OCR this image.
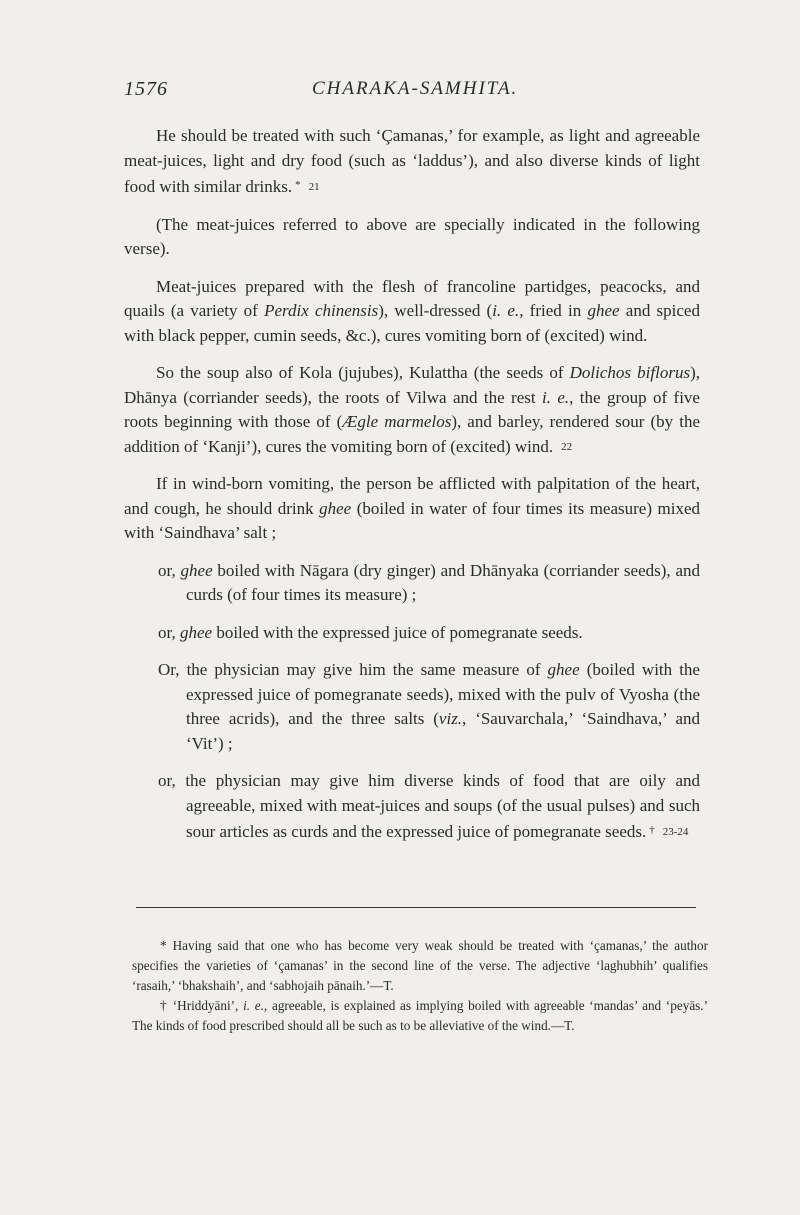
1576	CHARAKA-SAMHITA.

He should be treated with such ‘Çamanas,’ for example, as light and agreeable meat-juices, light and dry food (such as ‘laddus’), and also diverse kinds of light food with similar drinks. * 21

(The meat-juices referred to above are specially indicated in the following verse).

Meat-juices prepared with the flesh of francoline partidges, peacocks, and quails (a variety of Perdix chinensis), well-dressed (i. e., fried in ghee and spiced with black pepper, cumin seeds, &c.), cures vomiting born of (excited) wind.

So the soup also of Kola (jujubes), Kulattha (the seeds of Dolichos biflorus), Dhānya (corriander seeds), the roots of Vilwa and the rest i. e., the group of five roots beginning with those of (Ægle marmelos), and barley, rendered sour (by the addition of ‘Kanji’), cures the vomiting born of (excited) wind. 22

If in wind-born vomiting, the person be afflicted with palpitation of the heart, and cough, he should drink ghee (boiled in water of four times its measure) mixed with ‘Saindhava’ salt ;

or, ghee boiled with Nāgara (dry ginger) and Dhānyaka (corriander seeds), and curds (of four times its measure) ;

or, ghee boiled with the expressed juice of pomegranate seeds.

Or, the physician may give him the same measure of ghee (boiled with the expressed juice of pomegranate seeds), mixed with the pulv of Vyosha (the three acrids), and the three salts (viz., ‘Sauvarchala,’ ‘Saindhava,’ and ‘Vit’) ;

or, the physician may give him diverse kinds of food that are oily and agreeable, mixed with meat-juices and soups (of the usual pulses) and such sour articles as curds and the expressed juice of pomegranate seeds. † 23-24

* Having said that one who has become very weak should be treated with ‘çamanas,’ the author specifies the varieties of ‘çamanas’ in the second line of the verse. The adjective ‘laghubhih’ qualifies ‘rasaih,’ ‘bhakshaih’, and ‘sabhojaih pānaih.’—T.

† ‘Hriddyāni’, i. e., agreeable, is explained as implying boiled with agreeable ‘mandas’ and ‘peyās.’ The kinds of food prescribed should all be such as to be alleviative of the wind.—T.
